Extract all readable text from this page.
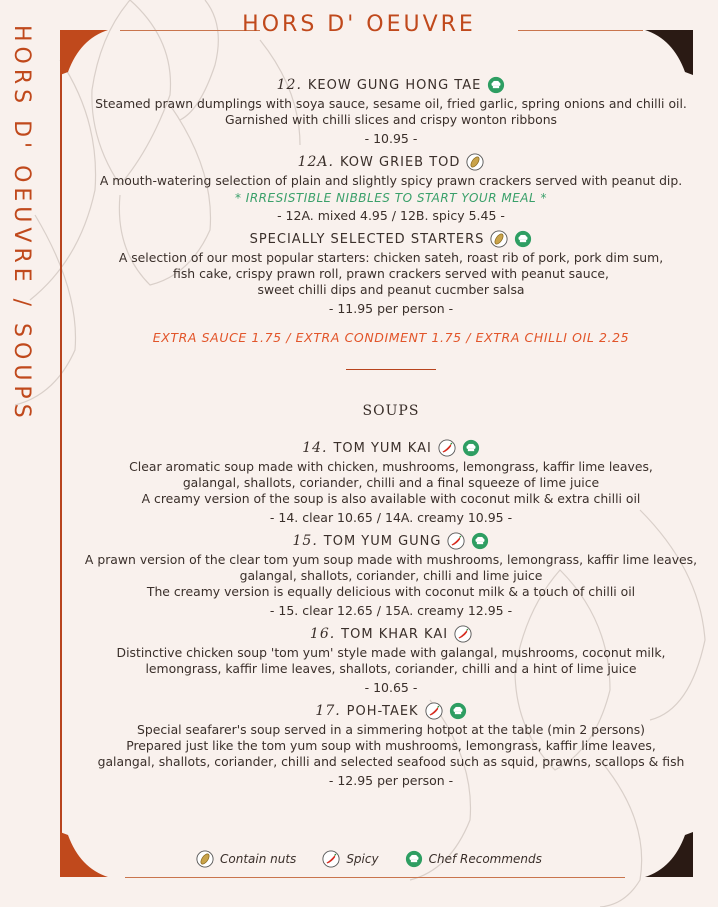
HORS D' OEUVRE / SOUPS
HORS D' OEUVRE
12. KEOW GUNG HONG TAE
Steamed prawn dumplings with soya sauce, sesame oil, fried garlic, spring onions and chilli oil.
Garnished with chilli slices and crispy wonton ribbons
- 10.95 -
12A. KOW GRIEB TOD
A mouth-watering selection of plain and slightly spicy prawn crackers served with peanut dip.
* IRRESISTIBLE NIBBLES TO START YOUR MEAL *
- 12A. mixed 4.95 / 12B. spicy 5.45 -
SPECIALLY SELECTED STARTERS
A selection of our most popular starters: chicken sateh, roast rib of pork, pork dim sum,
fish cake, crispy prawn roll, prawn crackers served with peanut sauce,
sweet chilli dips and peanut cucmber salsa
- 11.95 per person -
EXTRA SAUCE 1.75 / EXTRA CONDIMENT 1.75 / EXTRA CHILLI OIL 2.25
SOUPS
14. TOM YUM KAI
Clear aromatic soup made with chicken, mushrooms, lemongrass, kaffir lime leaves,
galangal, shallots, coriander, chilli and a final squeeze of lime juice
A creamy version of the soup is also available with coconut milk & extra chilli oil
- 14. clear 10.65 / 14A. creamy 10.95 -
15. TOM YUM GUNG
A prawn version of the clear tom yum soup made with mushrooms, lemongrass, kaffir lime leaves,
galangal, shallots, coriander, chilli and lime juice
The creamy version is equally delicious with coconut milk & a touch of chilli oil
- 15. clear 12.65 / 15A. creamy 12.95 -
16. TOM KHAR KAI
Distinctive chicken soup 'tom yum' style made with galangal, mushrooms, coconut milk,
lemongrass, kaffir lime leaves, shallots, coriander, chilli and a hint of lime juice
- 10.65 -
17. POH-TAEK
Special seafarer's soup served in a simmering hotpot at the table (min 2 persons)
Prepared just like the tom yum soup with mushrooms, lemongrass, kaffir lime leaves,
galangal, shallots, coriander, chilli and selected seafood such as squid, prawns, scallops & fish
- 12.95 per person -
Contain nuts	Spicy	Chef Recommends
